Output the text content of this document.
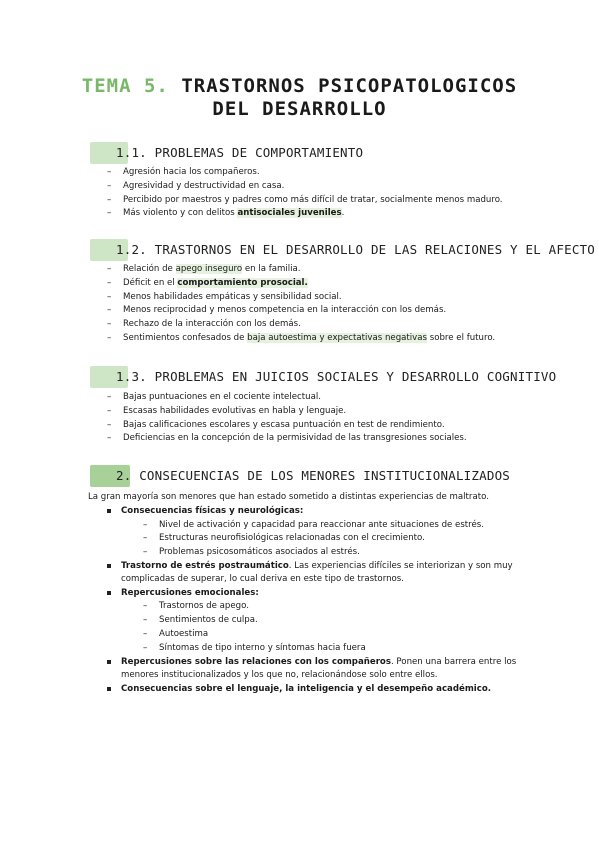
TEMA 5. TRASTORNOS PSICOPATOLOGICOS
DEL DESARROLLO
1.1. PROBLEMAS DE COMPORTAMIENTO
– Agresión hacia los compañeros.
– Agresividad y destructividad en casa.
– Percibido por maestros y padres como más difícil de tratar, socialmente menos maduro.
– Más violento y con delitos antisociales juveniles.
1.2. TRASTORNOS EN EL DESARROLLO DE LAS RELACIONES Y EL AFECTO
– Relación de apego inseguro en la familia.
– Déficit en el comportamiento prosocial.
– Menos habilidades empáticas y sensibilidad social.
– Menos reciprocidad y menos competencia en la interacción con los demás.
– Rechazo de la interacción con los demás.
– Sentimientos confesados de baja autoestima y expectativas negativas sobre el futuro.
1.3. PROBLEMAS EN JUICIOS SOCIALES Y DESARROLLO COGNITIVO
– Bajas puntuaciones en el cociente intelectual.
– Escasas habilidades evolutivas en habla y lenguaje.
– Bajas calificaciones escolares y escasa puntuación en test de rendimiento.
– Deficiencias en la concepción de la permisividad de las transgresiones sociales.
2. CONSECUENCIAS DE LOS MENORES INSTITUCIONALIZADOS
La gran mayoría son menores que han estado sometido a distintas experiencias de maltrato.
Consecuencias físicas y neurológicas:
– Nivel de activación y capacidad para reaccionar ante situaciones de estrés.
– Estructuras neurofisiológicas relacionadas con el crecimiento.
– Problemas psicosomáticos asociados al estrés.
Trastorno de estrés postraumático. Las experiencias difíciles se interiorizan y son muy complicadas de superar, lo cual deriva en este tipo de trastornos.
Repercusiones emocionales:
– Trastornos de apego.
– Sentimientos de culpa.
– Autoestima
– Síntomas de tipo interno y síntomas hacia fuera
Repercusiones sobre las relaciones con los compañeros. Ponen una barrera entre los menores institucionalizados y los que no, relacionándose solo entre ellos.
Consecuencias sobre el lenguaje, la inteligencia y el desempeño académico.
